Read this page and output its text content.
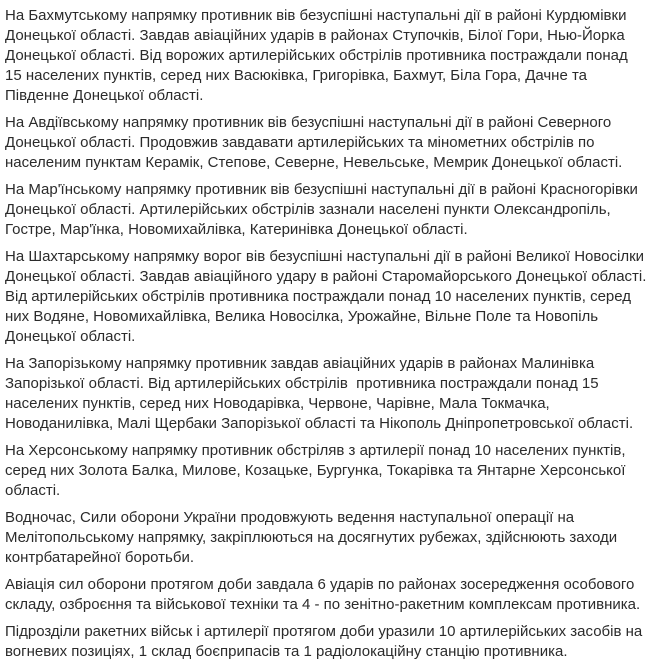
На Бахмутському напрямку противник вів безуспішні наступальні дії в районі Курдюмівки Донецької області. Завдав авіаційних ударів в районах Ступочків, Білої Гори, Нью-Йорка Донецької області. Від ворожих артилерійських обстрілів противника постраждали понад 15 населених пунктів, серед них Васюківка, Григорівка, Бахмут, Біла Гора, Дачне та Південне Донецької області.

На Авдіївському напрямку противник вів безуспішні наступальні дії в районі Северного Донецької області. Продовжив завдавати артилерійських та мінометних обстрілів по населеним пунктам Керамік, Степове, Северне, Невельське, Мемрик Донецької області.

На Мар'їнському напрямку противник вів безуспішні наступальні дії в районі Красногорівки Донецької області. Артилерійських обстрілів зазнали населені пункти Олександропіль, Гостре, Мар'їнка, Новомихайлівка, Катеринівка Донецької області.

На Шахтарському напрямку ворог вів безуспішні наступальні дії в районі Великої Новосілки Донецької області. Завдав авіаційного удару в районі Старомайорського Донецької області. Від артилерійських обстрілів противника постраждали понад 10 населених пунктів, серед них Водяне, Новомихайлівка, Велика Новосілка, Урожайне, Вільне Поле та Новопіль Донецької області.

На Запорізькому напрямку противник завдав авіаційних ударів в районах Малинівка Запорізької області. Від артилерійських обстрілів  противника постраждали понад 15 населених пунктів, серед них Новодарівка, Червоне, Чарівне, Мала Токмачка, Новоданилівка, Малі Щербаки Запорізької області та Нікополь Дніпропетровської області.

На Херсонському напрямку противник обстріляв з артилерії понад 10 населених пунктів, серед них Золота Балка, Милове, Козацьке, Бургунка, Токарівка та Янтарне Херсонської області.

Водночас, Сили оборони України продовжують ведення наступальної операції на Мелітопольському напрямку, закріплюються на досягнутих рубежах, здійснюють заходи контрбатарейної боротьби.

Авіація сил оборони протягом доби завдала 6 ударів по районах зосередження особового складу, озброєння та військової техніки та 4 - по зенітно-ракетним комплексам противника.

Підрозділи ракетних військ і артилерії протягом доби уразили 10 артилерійських засобів на вогневих позиціях, 1 склад боєприпасів та 1 радіолокаційну станцію противника.
